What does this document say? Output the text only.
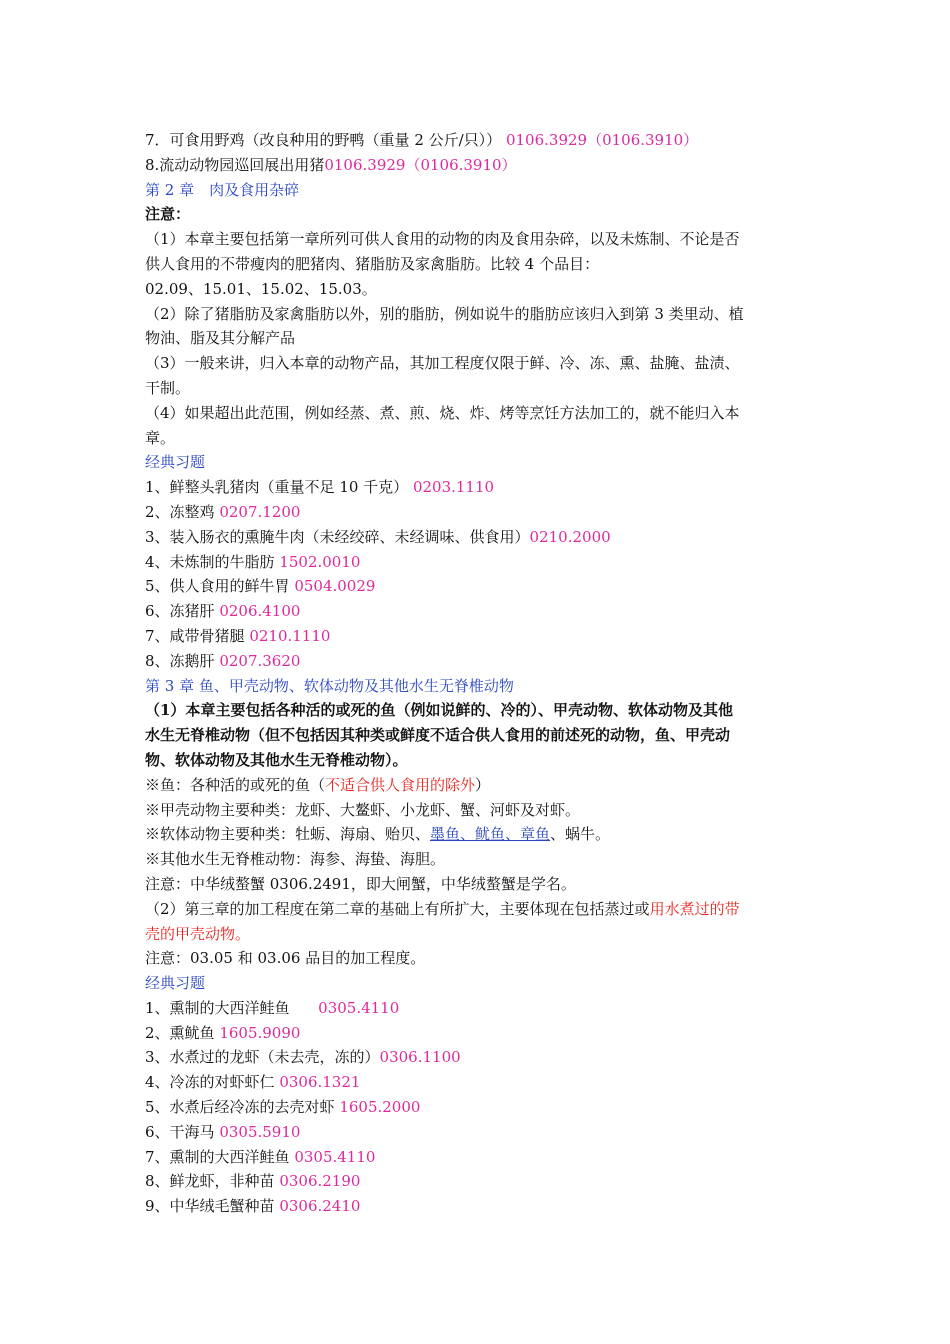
7．可食用野鸡（改良种用的野鸭（重量 2 公斤/只）） 0106.3929（0106.3910）
8.流动动物园巡回展出用猪0106.3929（0106.3910）
第 2 章　肉及食用杂碎
注意：
（1）本章主要包括第一章所列可供人食用的动物的肉及食用杂碎，以及未炼制、不论是否
供人食用的不带瘦肉的肥猪肉、猪脂肪及家禽脂肪。比较 4 个品目：
02.09、15.01、15.02、15.03。
（2）除了猪脂肪及家禽脂肪以外，别的脂肪，例如说牛的脂肪应该归入到第 3 类里动、植
物油、脂及其分解产品
（3）一般来讲，归入本章的动物产品，其加工程度仅限于鲜、冷、冻、熏、盐腌、盐渍、
干制。
（4）如果超出此范围，例如经蒸、煮、煎、烧、炸、烤等烹饪方法加工的，就不能归入本
章。
经典习题
1、鲜整头乳猪肉（重量不足 10 千克） 0203.1110
2、冻整鸡 0207.1200
3、装入肠衣的熏腌牛肉（未经绞碎、未经调味、供食用）0210.2000
4、未炼制的牛脂肪 1502.0010
5、供人食用的鲜牛胃 0504.0029
6、冻猪肝 0206.4100
7、咸带骨猪腿 0210.1110
8、冻鹅肝 0207.3620
第 3 章 鱼、甲壳动物、软体动物及其他水生无脊椎动物
（1）本章主要包括各种活的或死的鱼（例如说鲜的、冷的）、甲壳动物、软体动物及其他
水生无脊椎动物（但不包括因其种类或鲜度不适合供人食用的前述死的动物，鱼、甲壳动
物、软体动物及其他水生无脊椎动物）。
※鱼：各种活的或死的鱼（不适合供人食用的除外）
※甲壳动物主要种类：龙虾、大鳌虾、小龙虾、蟹、河虾及对虾。
※软体动物主要种类：牡蛎、海扇、贻贝、墨鱼、鱿鱼、章鱼、蜗牛。
※其他水生无脊椎动物：海参、海蛰、海胆。
注意：中华绒螯蟹 0306.2491，即大闸蟹，中华绒螯蟹是学名。
（2）第三章的加工程度在第二章的基础上有所扩大，主要体现在包括蒸过或用水煮过的带
壳的甲壳动物。
注意：03.05 和 03.06 品目的加工程度。
经典习题
1、熏制的大西洋鲑鱼      0305.4110
2、熏鱿鱼 1605.9090
3、水煮过的龙虾（未去壳，冻的）0306.1100
4、冷冻的对虾虾仁 0306.1321
5、水煮后经冷冻的去壳对虾 1605.2000
6、干海马 0305.5910
7、熏制的大西洋鲑鱼 0305.4110
8、鲜龙虾，非种苗 0306.2190
9、中华绒毛蟹种苗 0306.2410
